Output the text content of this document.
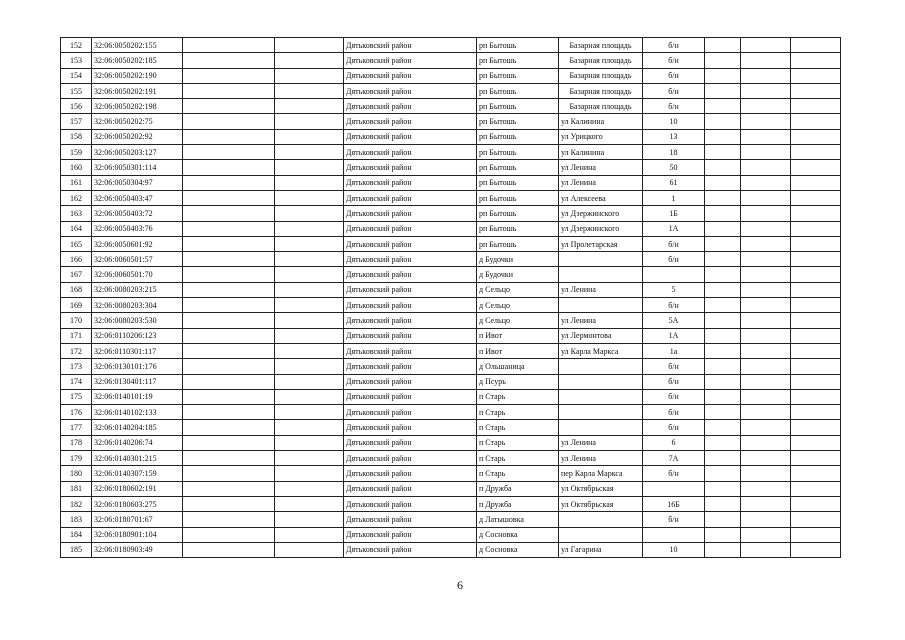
152	32:06:0050202:155			Дятьковский район	рп Бытошь	Базарная площадь	б/н			
153	32:06:0050202:185			Дятьковский район	рп Бытошь	Базарная площадь	б/н			
154	32:06:0050202:190			Дятьковский район	рп Бытошь	Базарная площадь	б/н			
155	32:06:0050202:191			Дятьковский район	рп Бытошь	Базарная площадь	б/н			
156	32:06:0050202:198			Дятьковский район	рп Бытошь	Базарная площадь	б/н			
157	32:06:0050202:75			Дятьковский район	рп Бытошь	ул Калинина	10			
158	32:06:0050202:92			Дятьковский район	рп Бытошь	ул Урицкого	13			
159	32:06:0050203:127			Дятьковский район	рп Бытошь	ул Калинина	18			
160	32:06:0050301:114			Дятьковский район	рп Бытошь	ул Ленина	50			
161	32:06:0050304:97			Дятьковский район	рп Бытошь	ул Ленина	61			
162	32:06:0050403:47			Дятьковский район	рп Бытошь	ул Алексеева	1			
163	32:06:0050403:72			Дятьковский район	рп Бытошь	ул Дзержинского	1Б			
164	32:06:0050403:76			Дятьковский район	рп Бытошь	ул Дзержинского	1А			
165	32:06:0050601:92			Дятьковский район	рп Бытошь	ул Пролетарская	б/н			
166	32:06:0060501:57			Дятьковский район	д Будочки		б/н			
167	32:06:0060501:70			Дятьковский район	д Будочки					
168	32:06:0080203:215			Дятьковский район	д Сельцо	ул Ленина	5			
169	32:06:0080203:304			Дятьковский район	д Сельцо		б/н			
170	32:06:0080203:530			Дятьковский район	д Сельцо	ул Ленина	5А			
171	32:06:0110206:123			Дятьковский район	п Ивот	ул Лермонтова	1А			
172	32:06:0110301:117			Дятьковский район	п Ивот	ул Карла Маркса	1а			
173	32:06:0130101:176			Дятьковский район	д Ольшаница		б/н			
174	32:06:0130401:117			Дятьковский район	д Псурь		б/н			
175	32:06:0140101:19			Дятьковский район	п Старь		б/н			
176	32:06:0140102:133			Дятьковский район	п Старь		б/н			
177	32:06:0140204:185			Дятьковский район	п Старь		б/н			
178	32:06:0140206:74			Дятьковский район	п Старь	ул Ленина	6			
179	32:06:0140301:215			Дятьковский район	п Старь	ул Ленина	7А			
180	32:06:0140307:159			Дятьковский район	п Старь	пер Карла Маркса	б/н			
181	32:06:0180602:191			Дятьковский район	п Дружба	ул Октябрьская				
182	32:06:0180603:275			Дятьковский район	п Дружба	ул Октябрьская	16Б			
183	32:06:0180701:67			Дятьковский район	д Латышовка		б/н			
184	32:06:0180901:104			Дятьковский район	д Сосновка					
185	32:06:0180903:49			Дятьковский район	д Сосновка	ул Гагарина	10			
6
